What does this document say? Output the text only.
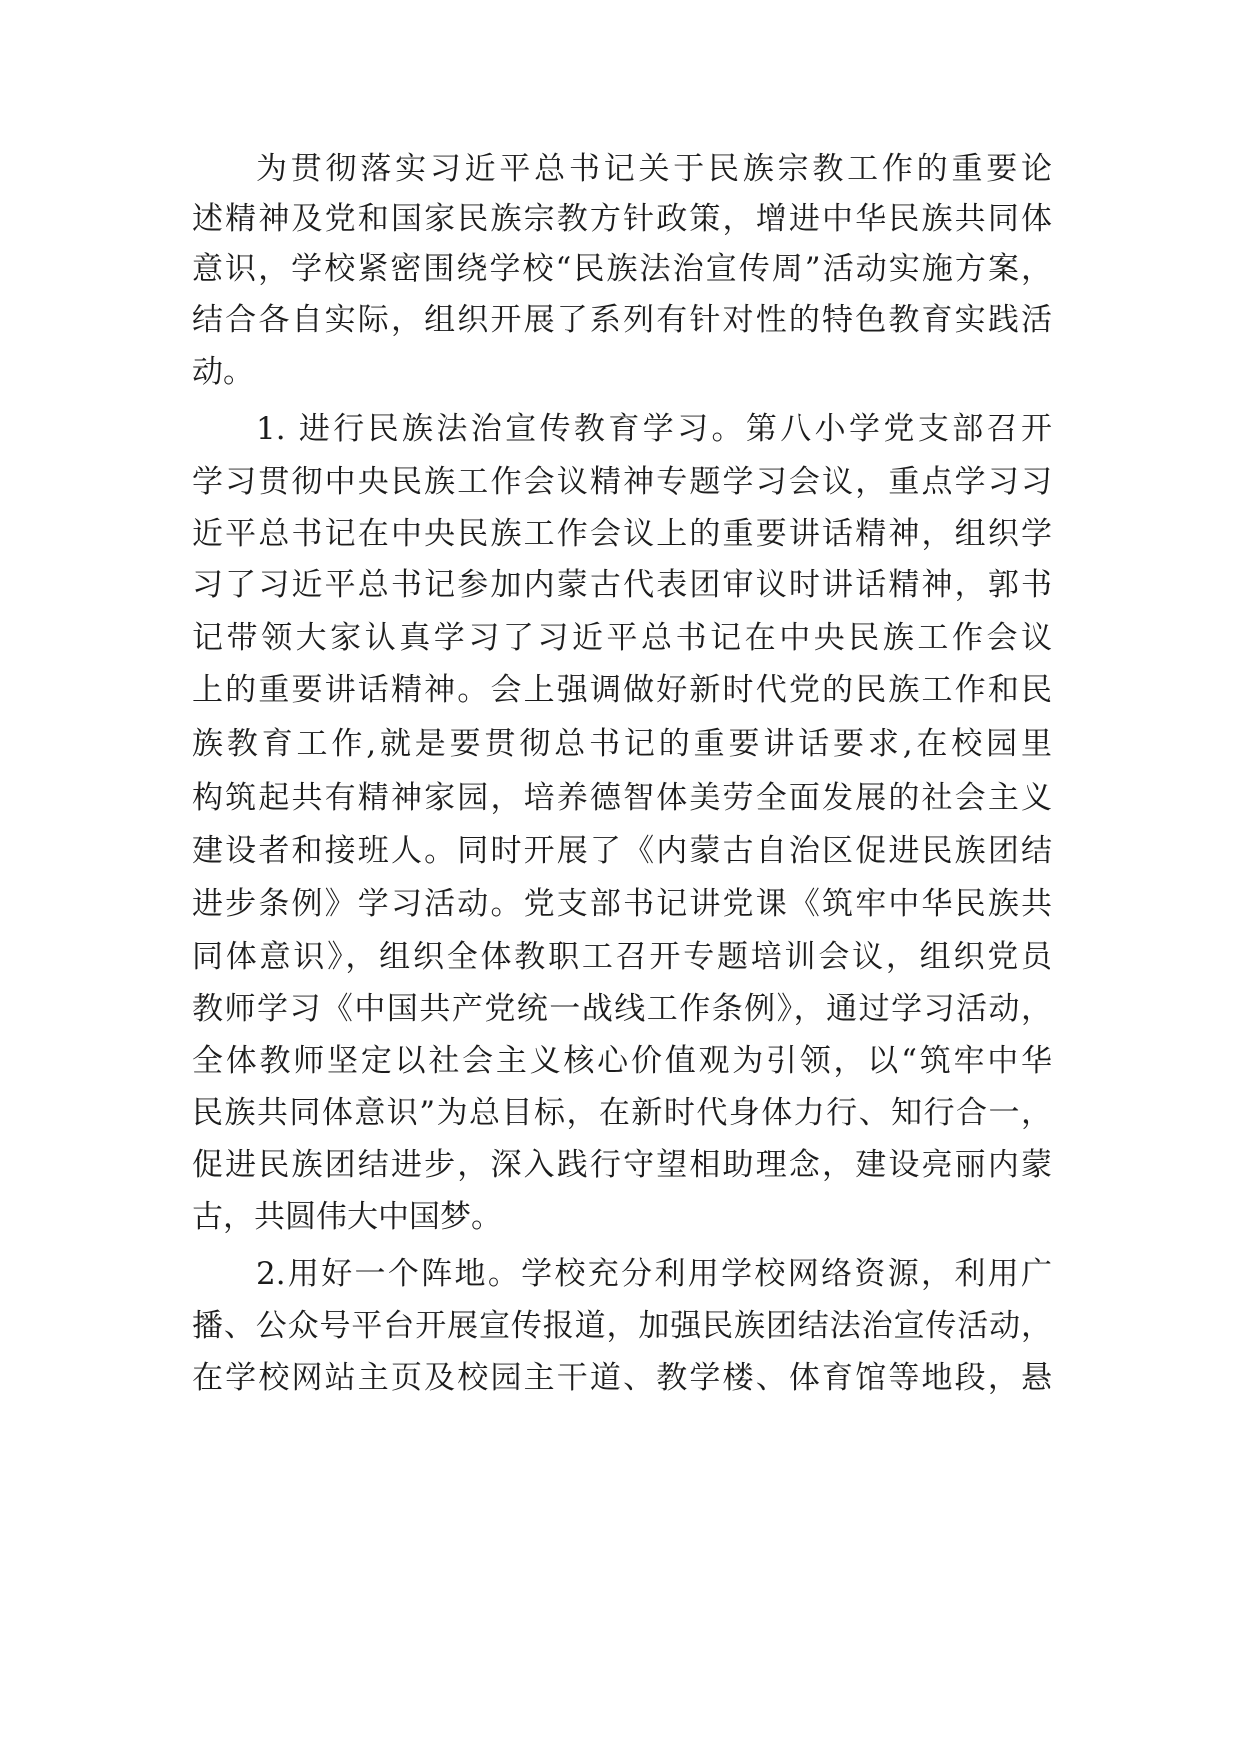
为贯彻落实习近平总书记关于民族宗教工作的重要论

述精神及党和国家民族宗教方针政策，增进中华民族共同体

意识，学校紧密围绕学校“民族法治宣传周”活动实施方案，

结合各自实际，组织开展了系列有针对性的特色教育实践活

动。

1. 进行民族法治宣传教育学习。第八小学党支部召开

学习贯彻中央民族工作会议精神专题学习会议，重点学习习

近平总书记在中央民族工作会议上的重要讲话精神，组织学

习了习近平总书记参加内蒙古代表团审议时讲话精神，郭书

记带领大家认真学习了习近平总书记在中央民族工作会议

上的重要讲话精神。会上强调做好新时代党的民族工作和民

族教育工作,就是要贯彻总书记的重要讲话要求,在校园里

构筑起共有精神家园，培养德智体美劳全面发展的社会主义

建设者和接班人。同时开展了《内蒙古自治区促进民族团结

进步条例》学习活动。党支部书记讲党课《筑牢中华民族共

同体意识》，组织全体教职工召开专题培训会议，组织党员

教师学习《中国共产党统一战线工作条例》，通过学习活动，

全体教师坚定以社会主义核心价值观为引领，以“筑牢中华

民族共同体意识”为总目标，在新时代身体力行、知行合一，

促进民族团结进步，深入践行守望相助理念，建设亮丽内蒙

古，共圆伟大中国梦。

2.用好一个阵地。学校充分利用学校网络资源，利用广

播、公众号平台开展宣传报道，加强民族团结法治宣传活动，

在学校网站主页及校园主干道、教学楼、体育馆等地段，悬
